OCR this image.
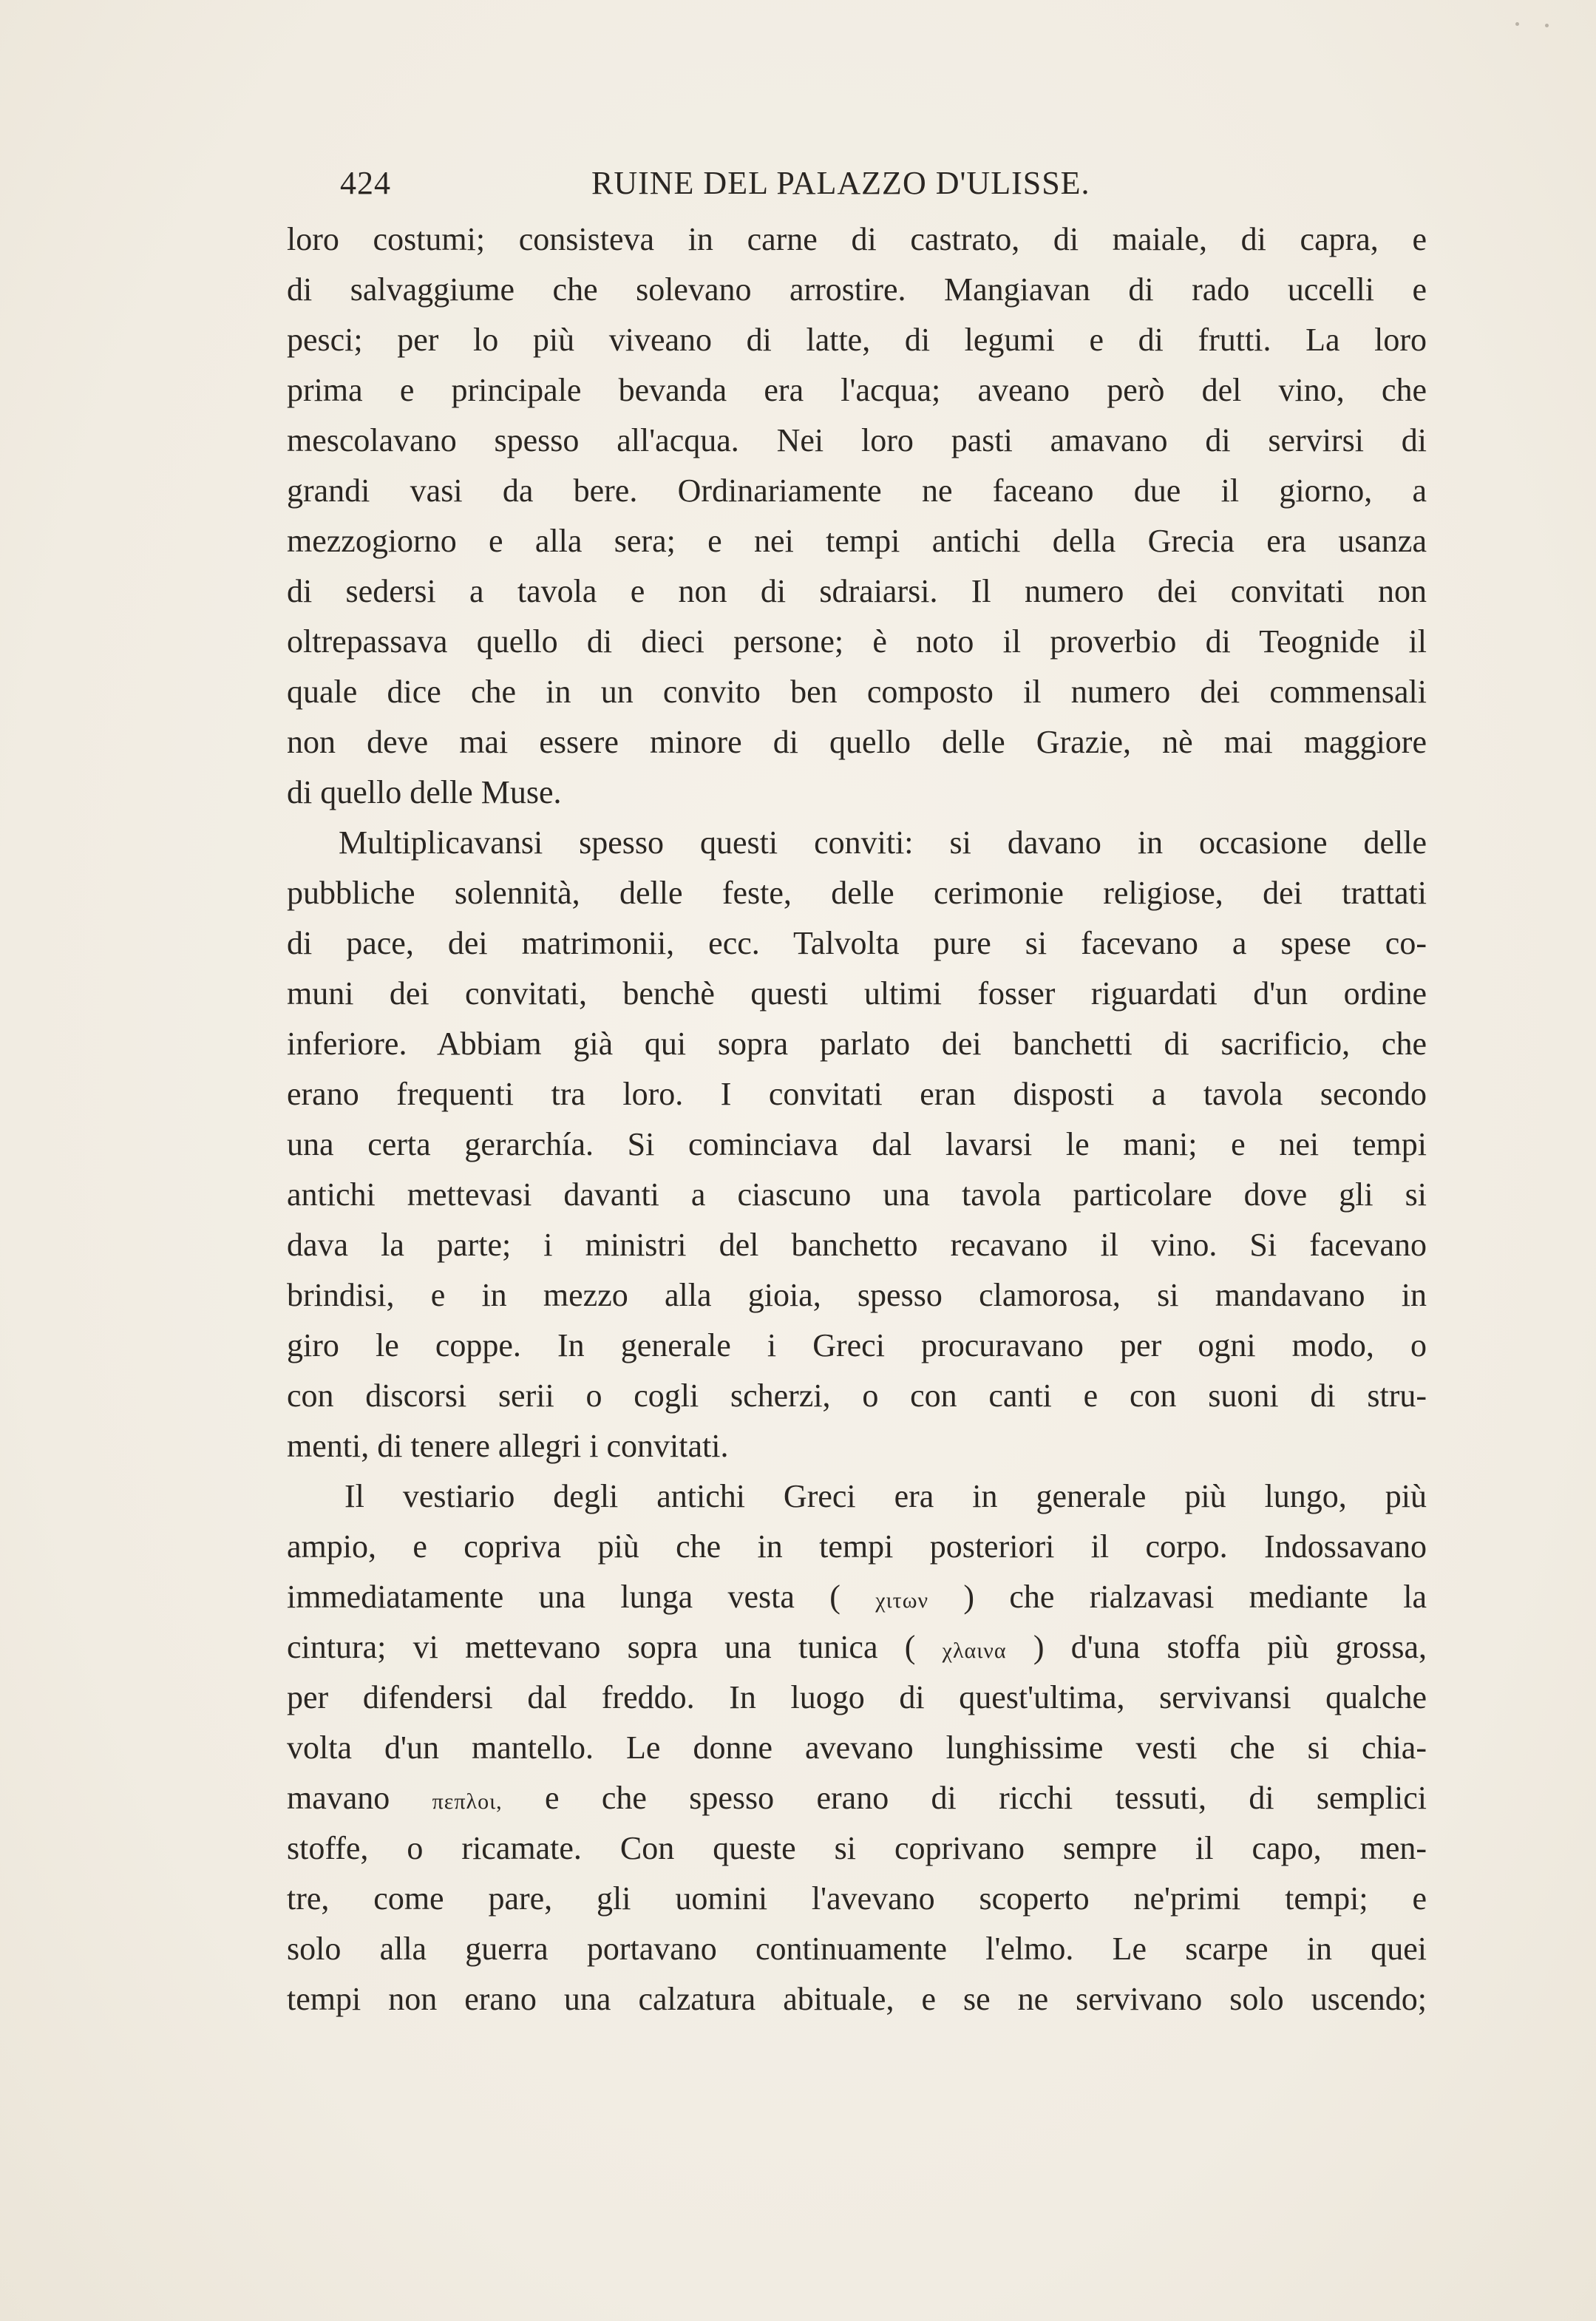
424	RUINE DEL PALAZZO D'ULISSE.
loro costumi; consisteva in carne di castrato, di maiale, di capra, e
di salvaggiume che solevano arrostire. Mangiavan di rado uccelli e
pesci; per lo più viveano di latte, di legumi e di frutti. La loro
prima e principale bevanda era l'acqua; aveano però del vino, che
mescolavano spesso all'acqua. Nei loro pasti amavano di servirsi di
grandi vasi da bere. Ordinariamente ne faceano due il giorno, a
mezzogiorno e alla sera; e nei tempi antichi della Grecia era usanza
di sedersi a tavola e non di sdraiarsi. Il numero dei convitati non
oltrepassava quello di dieci persone; è noto il proverbio di Teognide il
quale dice che in un convito ben composto il numero dei commensali
non deve mai essere minore di quello delle Grazie, nè mai maggiore
di quello delle Muse.
Multiplicavansi spesso questi conviti: si davano in occasione delle
pubbliche solennità, delle feste, delle cerimonie religiose, dei trattati
di pace, dei matrimonii, ecc. Talvolta pure si facevano a spese co-
muni dei convitati, benchè questi ultimi fosser riguardati d'un ordine
inferiore. Abbiam già qui sopra parlato dei banchetti di sacrificio, che
erano frequenti tra loro. I convitati eran disposti a tavola secondo
una certa gerarchía. Si cominciava dal lavarsi le mani; e nei tempi
antichi mettevasi davanti a ciascuno una tavola particolare dove gli si
dava la parte; i ministri del banchetto recavano il vino. Si facevano
brindisi, e in mezzo alla gioia, spesso clamorosa, si mandavano in
giro le coppe. In generale i Greci procuravano per ogni modo, o
con discorsi serii o cogli scherzi, o con canti e con suoni di stru-
menti, di tenere allegri i convitati.
Il vestiario degli antichi Greci era in generale più lungo, più
ampio, e copriva più che in tempi posteriori il corpo. Indossavano
immediatamente una lunga vesta ( χιτων ) che rialzavasi mediante la
cintura; vi mettevano sopra una tunica ( χλαινα ) d'una stoffa più grossa,
per difendersi dal freddo. In luogo di quest'ultima, servivansi qualche
volta d'un mantello. Le donne avevano lunghissime vesti che si chia-
mavano πεπλοι, e che spesso erano di ricchi tessuti, di semplici
stoffe, o ricamate. Con queste si coprivano sempre il capo, men-
tre, come pare, gli uomini l'avevano scoperto ne'primi tempi; e
solo alla guerra portavano continuamente l'elmo. Le scarpe in quei
tempi non erano una calzatura abituale, e se ne servivano solo uscendo;
